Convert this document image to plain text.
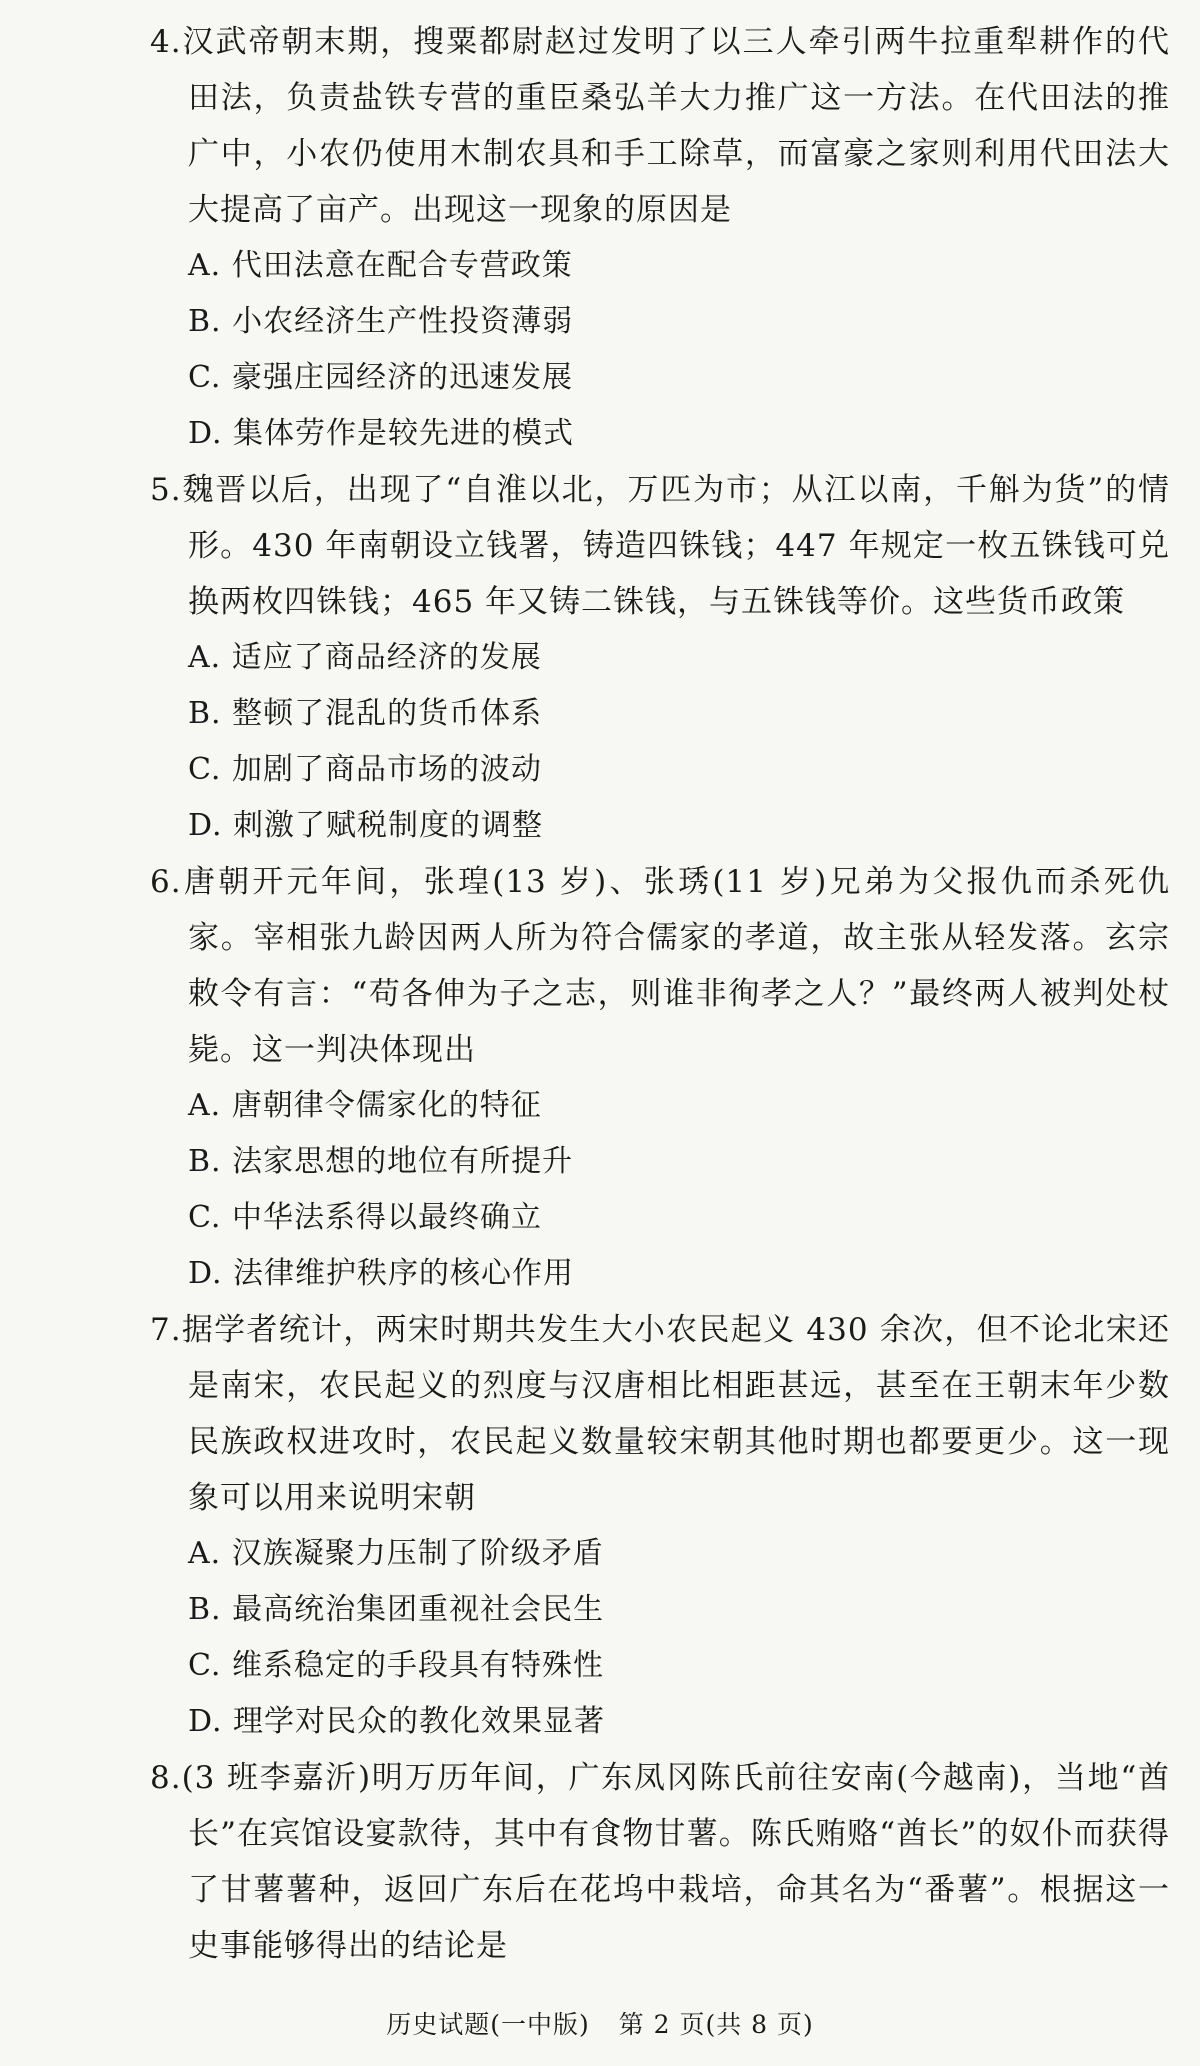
4.汉武帝朝末期，搜粟都尉赵过发明了以三人牵引两牛拉重犁耕作的代田法，负责盐铁专营的重臣桑弘羊大力推广这一方法。在代田法的推广中，小农仍使用木制农具和手工除草，而富豪之家则利用代田法大大提高了亩产。出现这一现象的原因是

A. 代田法意在配合专营政策
B. 小农经济生产性投资薄弱
C. 豪强庄园经济的迅速发展
D. 集体劳作是较先进的模式

5.魏晋以后，出现了“自淮以北，万匹为市；从江以南，千斛为货”的情形。430 年南朝设立钱署，铸造四铢钱；447 年规定一枚五铢钱可兑换两枚四铢钱；465 年又铸二铢钱，与五铢钱等价。这些货币政策

A. 适应了商品经济的发展
B. 整顿了混乱的货币体系
C. 加剧了商品市场的波动
D. 刺激了赋税制度的调整

6.唐朝开元年间，张瑝(13 岁)、张琇(11 岁)兄弟为父报仇而杀死仇家。宰相张九龄因两人所为符合儒家的孝道，故主张从轻发落。玄宗敕令有言：“苟各伸为子之志，则谁非徇孝之人？”最终两人被判处杖毙。这一判决体现出

A. 唐朝律令儒家化的特征
B. 法家思想的地位有所提升
C. 中华法系得以最终确立
D. 法律维护秩序的核心作用

7.据学者统计，两宋时期共发生大小农民起义 430 余次，但不论北宋还是南宋，农民起义的烈度与汉唐相比相距甚远，甚至在王朝末年少数民族政权进攻时，农民起义数量较宋朝其他时期也都要更少。这一现象可以用来说明宋朝

A. 汉族凝聚力压制了阶级矛盾
B. 最高统治集团重视社会民生
C. 维系稳定的手段具有特殊性
D. 理学对民众的教化效果显著

8.(3 班李嘉沂)明万历年间，广东凤冈陈氏前往安南(今越南)，当地“酋长”在宾馆设宴款待，其中有食物甘薯。陈氏贿赂“酋长”的奴仆而获得了甘薯薯种，返回广东后在花坞中栽培，命其名为“番薯”。根据这一史事能够得出的结论是

历史试题(一中版) 第 2 页(共 8 页)
